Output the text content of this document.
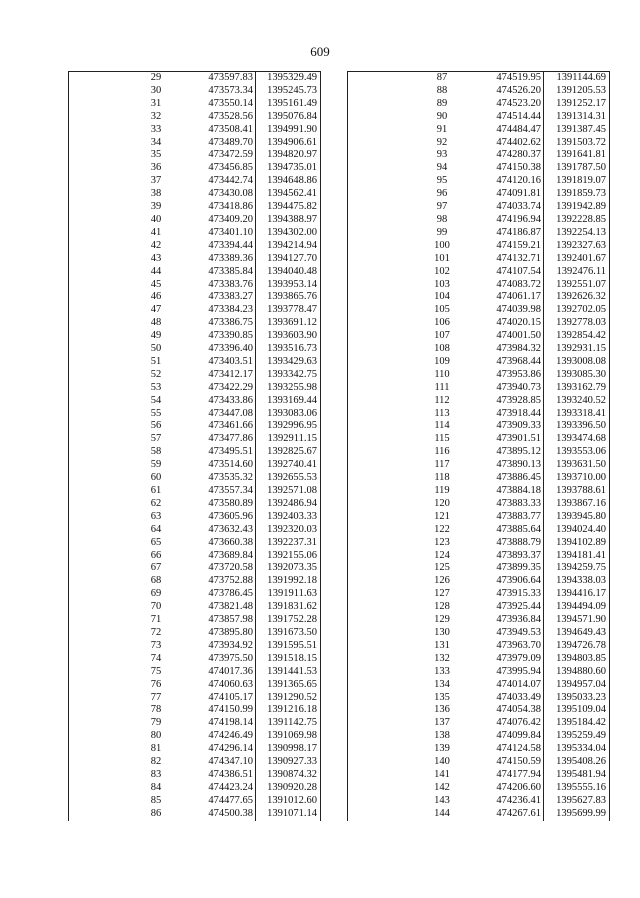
609
	29	473597.83	1395329.49
	30	473573.34	1395245.73
	31	473550.14	1395161.49
	32	473528.56	1395076.84
	33	473508.41	1394991.90
	34	473489.70	1394906.61
	35	473472.59	1394820.97
	36	473456.85	1394735.01
	37	473442.74	1394648.86
	38	473430.08	1394562.41
	39	473418.86	1394475.82
	40	473409.20	1394388.97
	41	473401.10	1394302.00
	42	473394.44	1394214.94
	43	473389.36	1394127.70
	44	473385.84	1394040.48
	45	473383.76	1393953.14
	46	473383.27	1393865.76
	47	473384.23	1393778.47
	48	473386.75	1393691.12
	49	473390.85	1393603.90
	50	473396.40	1393516.73
	51	473403.51	1393429.63
	52	473412.17	1393342.75
	53	473422.29	1393255.98
	54	473433.86	1393169.44
	55	473447.08	1393083.06
	56	473461.66	1392996.95
	57	473477.86	1392911.15
	58	473495.51	1392825.67
	59	473514.60	1392740.41
	60	473535.32	1392655.53
	61	473557.34	1392571.08
	62	473580.89	1392486.94
	63	473605.96	1392403.33
	64	473632.43	1392320.03
	65	473660.38	1392237.31
	66	473689.84	1392155.06
	67	473720.58	1392073.35
	68	473752.88	1391992.18
	69	473786.45	1391911.63
	70	473821.48	1391831.62
	71	473857.98	1391752.28
	72	473895.80	1391673.50
	73	473934.92	1391595.51
	74	473975.50	1391518.15
	75	474017.36	1391441.53
	76	474060.63	1391365.65
	77	474105.17	1391290.52
	78	474150.99	1391216.18
	79	474198.14	1391142.75
	80	474246.49	1391069.98
	81	474296.14	1390998.17
	82	474347.10	1390927.33
	83	474386.51	1390874.32
	84	474423.24	1390920.28
	85	474477.65	1391012.60
	86	474500.38	1391071.14
	87	474519.95	1391144.69
	88	474526.20	1391205.53
	89	474523.20	1391252.17
	90	474514.44	1391314.31
	91	474484.47	1391387.45
	92	474402.62	1391503.72
	93	474280.37	1391641.81
	94	474150.38	1391787.50
	95	474120.16	1391819.07
	96	474091.81	1391859.73
	97	474033.74	1391942.89
	98	474196.94	1392228.85
	99	474186.87	1392254.13
	100	474159.21	1392327.63
	101	474132.71	1392401.67
	102	474107.54	1392476.11
	103	474083.72	1392551.07
	104	474061.17	1392626.32
	105	474039.98	1392702.05
	106	474020.15	1392778.03
	107	474001.50	1392854.42
	108	473984.32	1392931.15
	109	473968.44	1393008.08
	110	473953.86	1393085.30
	111	473940.73	1393162.79
	112	473928.85	1393240.52
	113	473918.44	1393318.41
	114	473909.33	1393396.50
	115	473901.51	1393474.68
	116	473895.12	1393553.06
	117	473890.13	1393631.50
	118	473886.45	1393710.00
	119	473884.18	1393788.61
	120	473883.33	1393867.16
	121	473883.77	1393945.80
	122	473885.64	1394024.40
	123	473888.79	1394102.89
	124	473893.37	1394181.41
	125	473899.35	1394259.75
	126	473906.64	1394338.03
	127	473915.33	1394416.17
	128	473925.44	1394494.09
	129	473936.84	1394571.90
	130	473949.53	1394649.43
	131	473963.70	1394726.78
	132	473979.09	1394803.85
	133	473995.94	1394880.60
	134	474014.07	1394957.04
	135	474033.49	1395033.23
	136	474054.38	1395109.04
	137	474076.42	1395184.42
	138	474099.84	1395259.49
	139	474124.58	1395334.04
	140	474150.59	1395408.26
	141	474177.94	1395481.94
	142	474206.60	1395555.16
	143	474236.41	1395627.83
	144	474267.61	1395699.99
